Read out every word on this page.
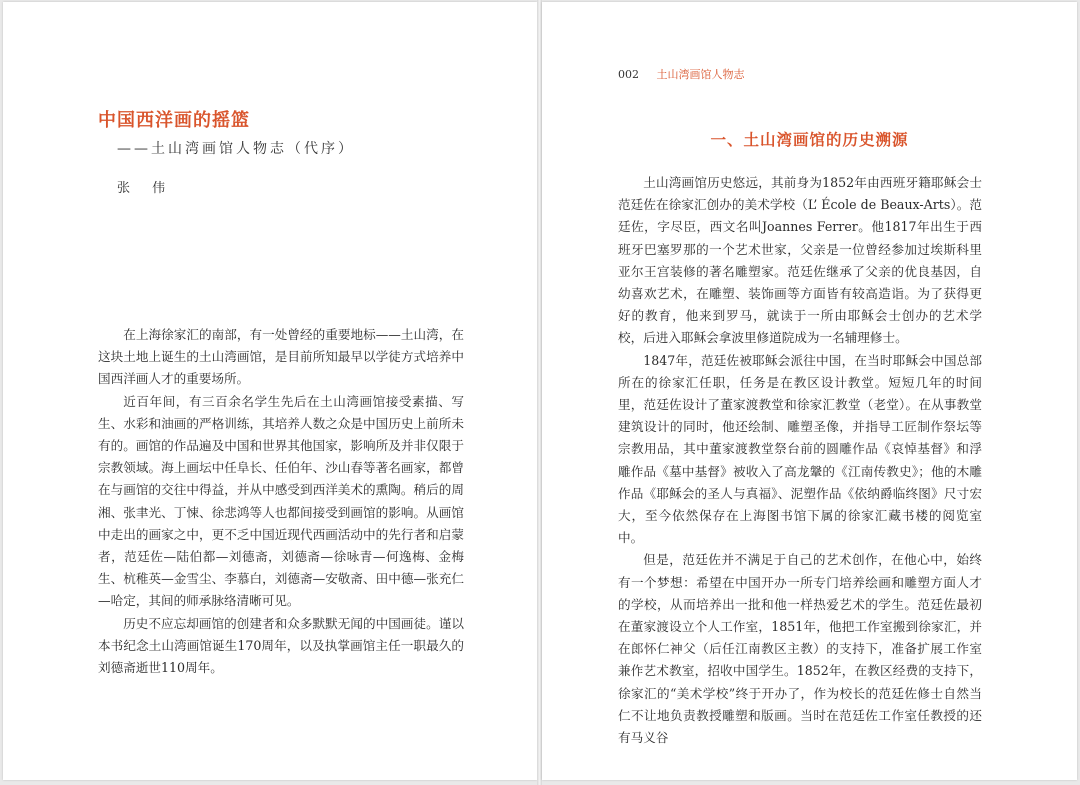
中国西洋画的摇篮

——土山湾画馆人物志（代序）

张 伟

在上海徐家汇的南部，有一处曾经的重要地标——土山湾，在这块土地上诞生的土山湾画馆，是目前所知最早以学徒方式培养中国西洋画人才的重要场所。

近百年间，有三百余名学生先后在土山湾画馆接受素描、写生、水彩和油画的严格训练，其培养人数之众是中国历史上前所未有的。画馆的作品遍及中国和世界其他国家，影响所及并非仅限于宗教领域。海上画坛中任阜长、任伯年、沙山春等著名画家，都曾在与画馆的交往中得益，并从中感受到西洋美术的熏陶。稍后的周湘、张聿光、丁悚、徐悲鸿等人也都间接受到画馆的影响。从画馆中走出的画家之中，更不乏中国近现代西画活动中的先行者和启蒙者，范廷佐—陆伯都—刘德斋，刘德斋—徐咏青—何逸梅、金梅生、杭稚英—金雪尘、李慕白，刘德斋—安敬斋、田中德—张充仁—哈定，其间的师承脉络清晰可见。

历史不应忘却画馆的创建者和众多默默无闻的中国画徒。谨以本书纪念土山湾画馆诞生170周年，以及执掌画馆主任一职最久的刘德斋逝世110周年。

002 土山湾画馆人物志
一、土山湾画馆的历史溯源

土山湾画馆历史悠远，其前身为1852年由西班牙籍耶稣会士范廷佐在徐家汇创办的美术学校（L’ École de Beaux-Arts）。范廷佐，字尽臣，西文名叫Joannes Ferrer。他1817年出生于西班牙巴塞罗那的一个艺术世家，父亲是一位曾经参加过埃斯科里亚尔王宫装修的著名雕塑家。范廷佐继承了父亲的优良基因，自幼喜欢艺术，在雕塑、装饰画等方面皆有较高造诣。为了获得更好的教育，他来到罗马，就读于一所由耶稣会士创办的艺术学校，后进入耶稣会拿波里修道院成为一名辅理修士。

1847年，范廷佐被耶稣会派往中国，在当时耶稣会中国总部所在的徐家汇任职，任务是在教区设计教堂。短短几年的时间里，范廷佐设计了董家渡教堂和徐家汇教堂（老堂）。在从事教堂建筑设计的同时，他还绘制、雕塑圣像，并指导工匠制作祭坛等宗教用品，其中董家渡教堂祭台前的圆雕作品《哀悼基督》和浮雕作品《墓中基督》被收入了高龙鞶的《江南传教史》；他的木雕作品《耶稣会的圣人与真福》、泥塑作品《依纳爵临终图》尺寸宏大，至今依然保存在上海图书馆下属的徐家汇藏书楼的阅览室中。

但是，范廷佐并不满足于自己的艺术创作，在他心中，始终有一个梦想：希望在中国开办一所专门培养绘画和雕塑方面人才的学校，从而培养出一批和他一样热爱艺术的学生。范廷佐最初在董家渡设立个人工作室，1851年，他把工作室搬到徐家汇，并在郎怀仁神父（后任江南教区主教）的支持下，准备扩展工作室兼作艺术教室，招收中国学生。1852年，在教区经费的支持下，徐家汇的“美术学校”终于开办了，作为校长的范廷佐修士自然当仁不让地负责教授雕塑和版画。当时在范廷佐工作室任教授的还有马义谷
